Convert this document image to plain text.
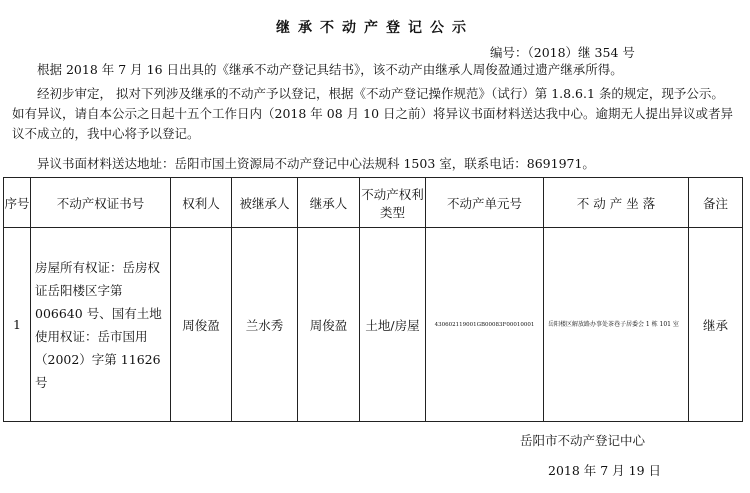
继承不动产登记公示
编号：（2018）继 354 号
根据 2018 年 7 月 16 日出具的《继承不动产登记具结书》，该不动产由继承人周俊盈通过遗产继承所得。
经初步审定， 拟对下列涉及继承的不动产予以登记，根据《不动产登记操作规范》（试行）第 1.8.6.1 条的规定，现予公示。如有异议，请自本公示之日起十五个工作日内（2018 年 08 月 10 日之前）将异议书面材料送达我中心。逾期无人提出异议或者异议不成立的，我中心将予以登记。
异议书面材料送达地址：岳阳市国土资源局不动产登记中心法规科 1503 室，联系电话：8691971。
序号	不动产权证书号	权利人	被继承人	继承人	不动产权利类型	不动产单元号	不 动 产 坐 落	备注
1	房屋所有权证：岳房权证岳阳楼区字第 006640 号、国有土地使用权证：岳市国用（2002）字第 11626 号	周俊盈	兰水秀	周俊盈	土地/房屋	430602119001GB00083F00010001	岳阳楼区解放路办事处茶巷子居委会 1 栋 101 室	继承
岳阳市不动产登记中心
2018 年 7 月 19 日
